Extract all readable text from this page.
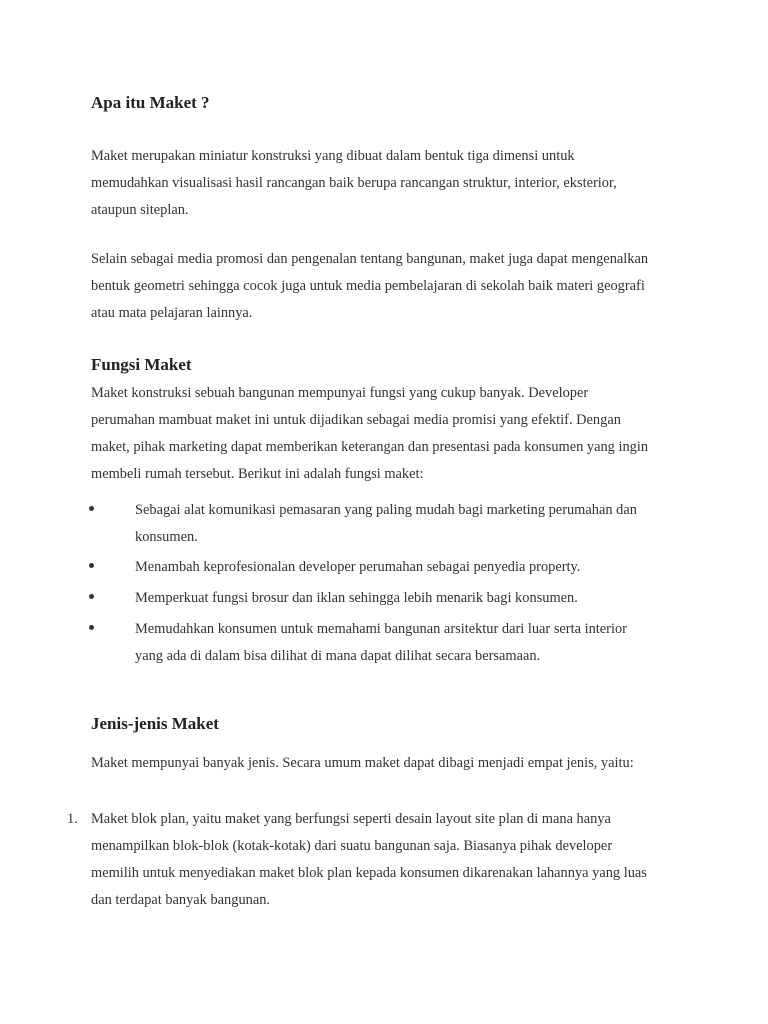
Apa itu Maket ?

Maket merupakan miniatur konstruksi yang dibuat dalam bentuk tiga dimensi untuk
memudahkan visualisasi hasil rancangan baik berupa rancangan struktur, interior, eksterior,
ataupun siteplan.

Selain sebagai media promosi dan pengenalan tentang bangunan, maket juga dapat mengenalkan
bentuk geometri sehingga cocok juga untuk media pembelajaran di sekolah baik materi geografi
atau mata pelajaran lainnya.

Fungsi Maket

Maket konstruksi sebuah bangunan mempunyai fungsi yang cukup banyak. Developer
perumahan mambuat maket ini untuk dijadikan sebagai media promisi yang efektif. Dengan
maket, pihak marketing dapat memberikan keterangan dan presentasi pada konsumen yang ingin
membeli rumah tersebut. Berikut ini adalah fungsi maket:

Sebagai alat komunikasi pemasaran yang paling mudah bagi marketing perumahan dan
konsumen.

Menambah keprofesionalan developer perumahan sebagai penyedia property.

Memperkuat fungsi brosur dan iklan sehingga lebih menarik bagi konsumen.

Memudahkan konsumen untuk memahami bangunan arsitektur dari luar serta interior
yang ada di dalam bisa dilihat di mana dapat dilihat secara bersamaan.

Jenis-jenis Maket

Maket mempunyai banyak jenis. Secara umum maket dapat dibagi menjadi empat jenis, yaitu:

1. Maket blok plan, yaitu maket yang berfungsi seperti desain layout site plan di mana hanya
menampilkan blok-blok (kotak-kotak) dari suatu bangunan saja. Biasanya pihak developer
memilih untuk menyediakan maket blok plan kepada konsumen dikarenakan lahannya yang luas
dan terdapat banyak bangunan.
